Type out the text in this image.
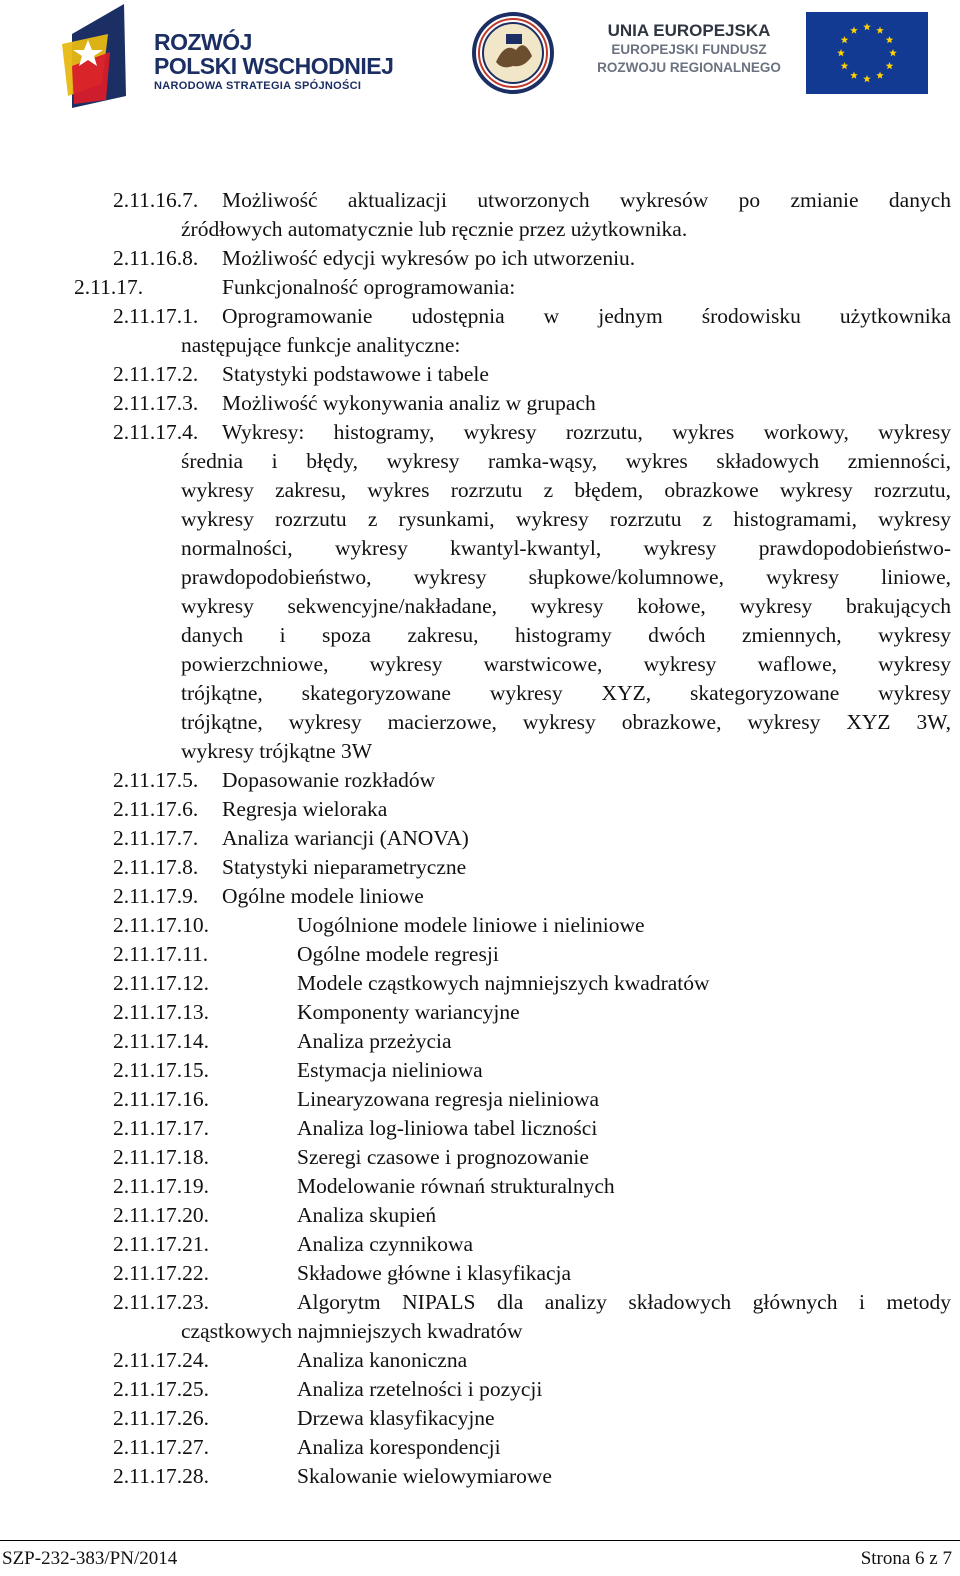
ROZWÓJ
POLSKI WSCHODNIEJ
NARODOWA STRATEGIA SPÓJNOŚCI
UNIA EUROPEJSKA
EUROPEJSKI FUNDUSZ
ROZWOJU REGIONALNEGO
2.11.16.7. Możliwość aktualizacji utworzonych wykresów po zmianie danych
źródłowych automatycznie lub ręcznie przez użytkownika.
2.11.16.8. Możliwość edycji wykresów po ich utworzeniu.
2.11.17.	Funkcjonalność oprogramowania:
2.11.17.1. Oprogramowanie udostępnia w jednym środowisku użytkownika
następujące funkcje analityczne:
2.11.17.2. Statystyki podstawowe i tabele
2.11.17.3. Możliwość wykonywania analiz w grupach
2.11.17.4. Wykresy: histogramy, wykresy rozrzutu, wykres workowy, wykresy
średnia i błędy, wykresy ramka-wąsy, wykres składowych zmienności,
wykresy zakresu, wykres rozrzutu z błędem, obrazkowe wykresy rozrzutu,
wykresy rozrzutu z rysunkami, wykresy rozrzutu z histogramami, wykresy
normalności, wykresy kwantyl-kwantyl, wykresy prawdopodobieństwo-
prawdopodobieństwo, wykresy słupkowe/kolumnowe, wykresy liniowe,
wykresy sekwencyjne/nakładane, wykresy kołowe, wykresy brakujących
danych i spoza zakresu, histogramy dwóch zmiennych, wykresy
powierzchniowe, wykresy warstwicowe, wykresy waflowe, wykresy
trójkątne, skategoryzowane wykresy XYZ, skategoryzowane wykresy
trójkątne, wykresy macierzowe, wykresy obrazkowe, wykresy XYZ 3W,
wykresy trójkątne 3W
2.11.17.5. Dopasowanie rozkładów
2.11.17.6. Regresja wieloraka
2.11.17.7. Analiza wariancji (ANOVA)
2.11.17.8. Statystyki nieparametryczne
2.11.17.9. Ogólne modele liniowe
2.11.17.10.	Uogólnione modele liniowe i nieliniowe
2.11.17.11.	Ogólne modele regresji
2.11.17.12.	Modele cząstkowych najmniejszych kwadratów
2.11.17.13.	Komponenty wariancyjne
2.11.17.14.	Analiza przeżycia
2.11.17.15.	Estymacja nieliniowa
2.11.17.16.	Linearyzowana regresja nieliniowa
2.11.17.17.	Analiza log-liniowa tabel liczności
2.11.17.18.	Szeregi czasowe i prognozowanie
2.11.17.19.	Modelowanie równań strukturalnych
2.11.17.20.	Analiza skupień
2.11.17.21.	Analiza czynnikowa
2.11.17.22.	Składowe główne i klasyfikacja
2.11.17.23.	Algorytm NIPALS dla analizy składowych głównych i metody
cząstkowych najmniejszych kwadratów
2.11.17.24.	Analiza kanoniczna
2.11.17.25.	Analiza rzetelności i pozycji
2.11.17.26.	Drzewa klasyfikacyjne
2.11.17.27.	Analiza korespondencji
2.11.17.28.	Skalowanie wielowymiarowe
SZP-232-383/PN/2014	Strona 6 z 7
